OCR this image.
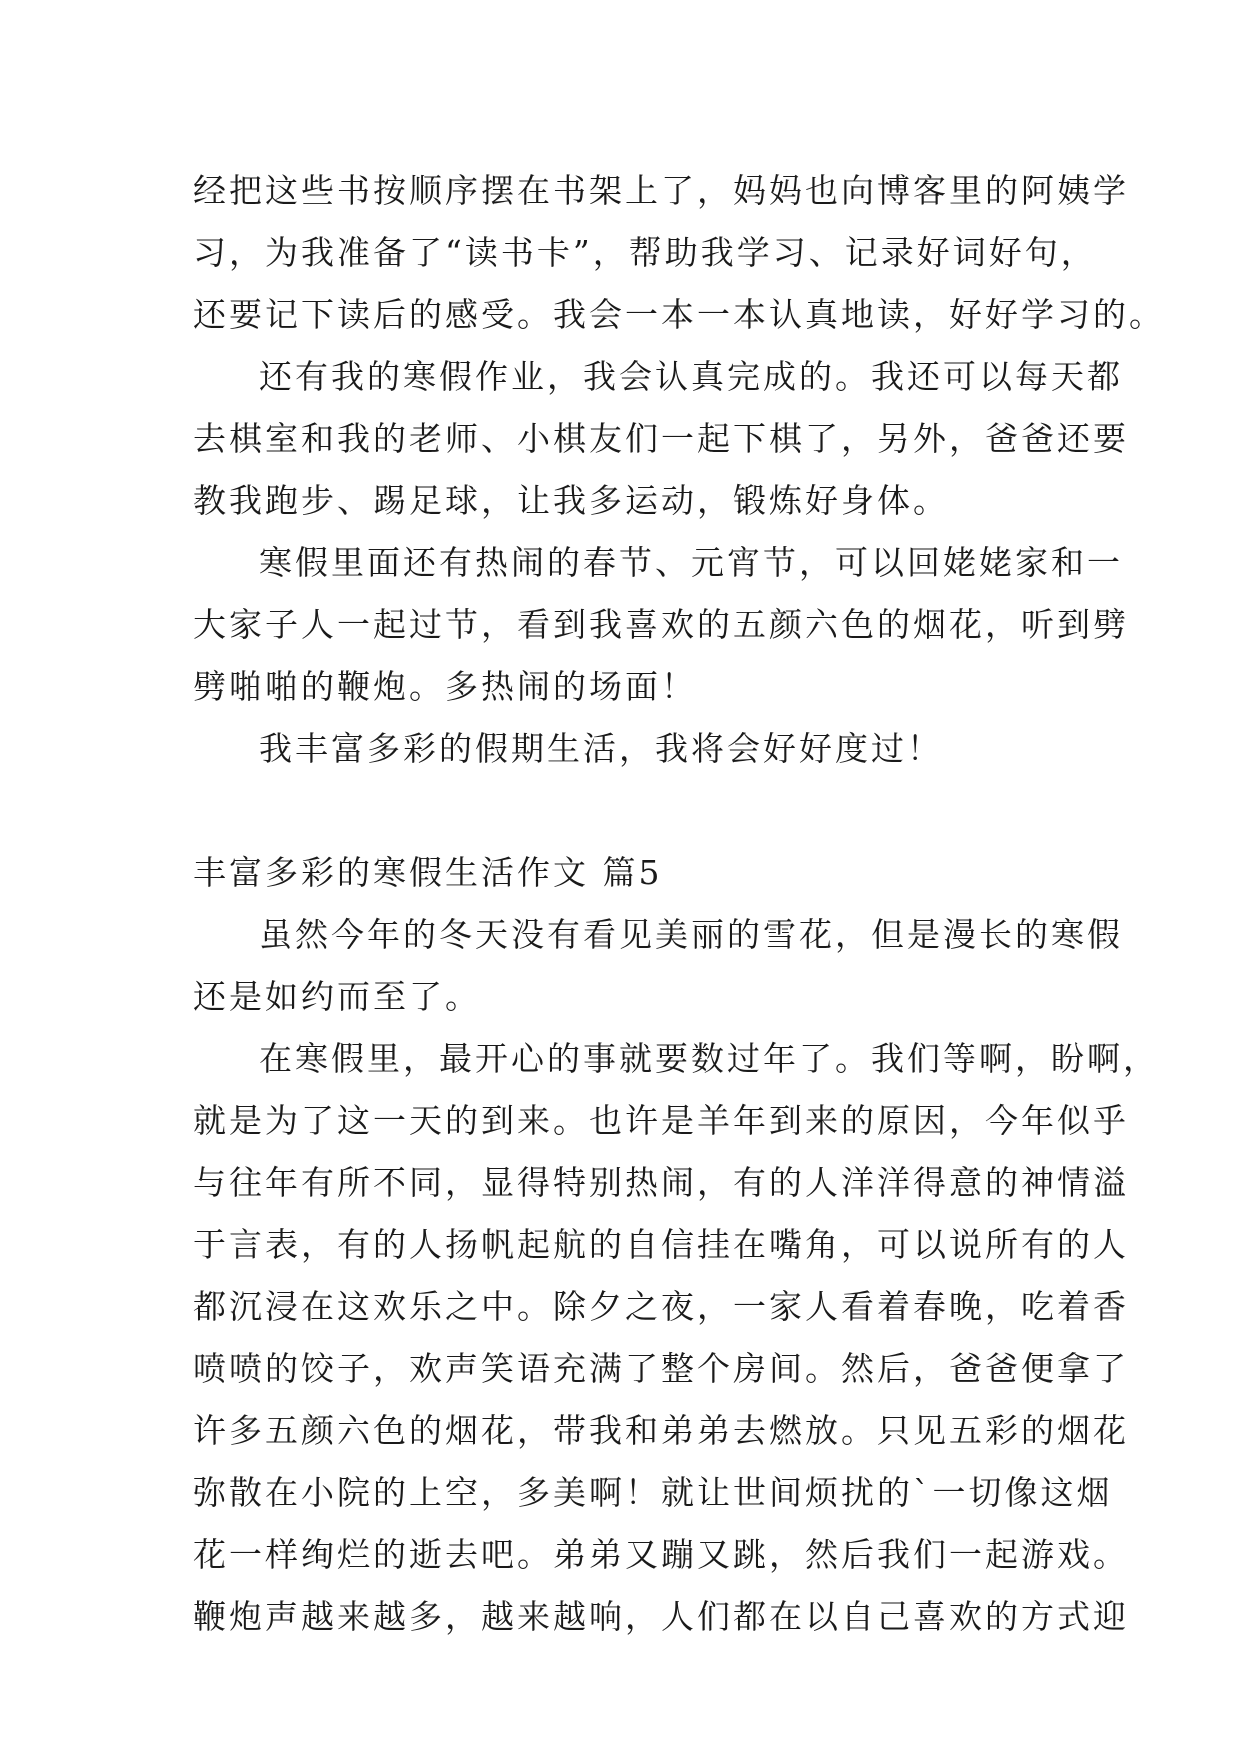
经把这些书按顺序摆在书架上了，妈妈也向博客里的阿姨学
习，为我准备了“读书卡”，帮助我学习、记录好词好句，
还要记下读后的感受。我会一本一本认真地读，好好学习的。
还有我的寒假作业，我会认真完成的。我还可以每天都
去棋室和我的老师、小棋友们一起下棋了，另外，爸爸还要
教我跑步、踢足球，让我多运动，锻炼好身体。
寒假里面还有热闹的春节、元宵节，可以回姥姥家和一
大家子人一起过节，看到我喜欢的五颜六色的烟花，听到劈
劈啪啪的鞭炮。多热闹的场面！
我丰富多彩的假期生活，我将会好好度过！
丰富多彩的寒假生活作文 篇5
虽然今年的冬天没有看见美丽的雪花，但是漫长的寒假
还是如约而至了。
在寒假里，最开心的事就要数过年了。我们等啊，盼啊，
就是为了这一天的到来。也许是羊年到来的原因，今年似乎
与往年有所不同，显得特别热闹，有的人洋洋得意的神情溢
于言表，有的人扬帆起航的自信挂在嘴角，可以说所有的人
都沉浸在这欢乐之中。除夕之夜，一家人看着春晚，吃着香
喷喷的饺子，欢声笑语充满了整个房间。然后，爸爸便拿了
许多五颜六色的烟花，带我和弟弟去燃放。只见五彩的烟花
弥散在小院的上空，多美啊！就让世间烦扰的`一切像这烟
花一样绚烂的逝去吧。弟弟又蹦又跳，然后我们一起游戏。
鞭炮声越来越多，越来越响，人们都在以自己喜欢的方式迎
